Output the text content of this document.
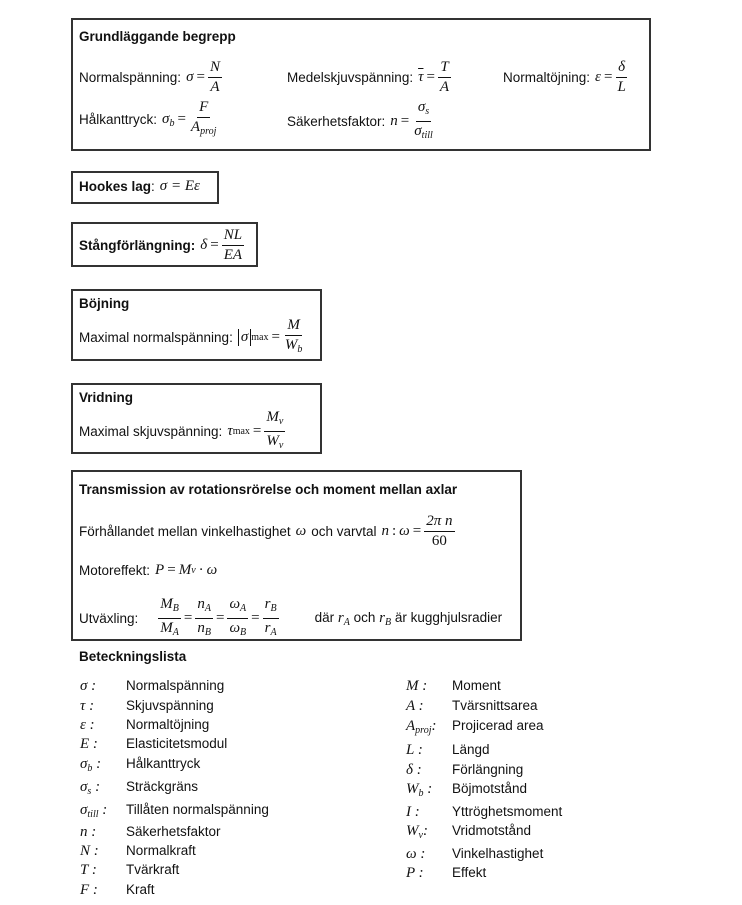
Grundläggande begrepp
Normalspänning: $\sigma = \frac{N}{A}$	Medelskjuvspänning: $\overline{\tau} = \frac{T}{A}$	Normaltöjning: $\varepsilon = \frac{\delta}{L}$
Hålkanttryck: $\sigma_b = \frac{F}{A_{proj}}$	Säkerhetsfaktor: $n = \frac{\sigma_s}{\sigma_{till}}$
Hookes lag : σ = Eε
Stångförlängning: $\delta = \frac{NL}{EA}$
Böjning
Maximal normalspänning: σ $\max = \frac{M}{W_b}$
Vridning
Maximal skjuvspänning: τ $\max = \frac{M_v}{W_v}$
Transmission av rotationsrörelse och moment mellan axlar
Förhållandet mellan vinkelhastighet ω och varvtal n : $\omega = \frac{\text{2π n}}{60}$
Motoreffekt: P = M v · ω
Utväxling: $\frac{M_B}{M_A} = \frac{n_A}{n_B} = \frac{\omega_A}{\omega_B} = \frac{r_B}{r_A}$	där $r_A$ och $r_B$ är kugghjulsradier
Beteckningslista
σ :	Normalspänning
τ :	Skjuvspänning
ε :	Normaltöjning
E :	Elasticitetsmodul
$\sigma_b$ :	Hålkanttryck
$\sigma_s$ :	Sträckgräns
$\sigma_{till}$ :	Tillåten normalspänning
n :	Säkerhetsfaktor
N :	Normalkraft
T :	Tvärkraft
F :	Kraft
M :	Moment
A :	Tvärsnittsarea
$A_{proj}$:	Projicerad area
L :	Längd
δ :	Förlängning
$W_b$ :	Böjmotstånd
I :	Yttröghetsmoment
$W_v$:	Vridmotstånd
ω :	Vinkelhastighet
P :	Effekt
